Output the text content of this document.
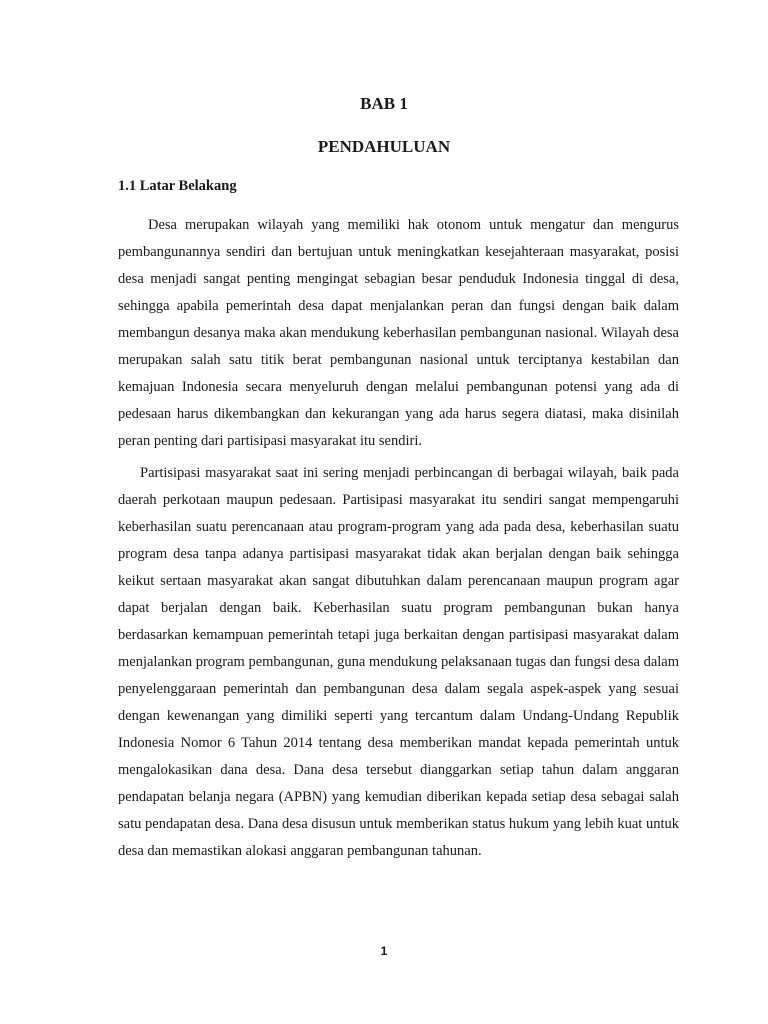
BAB 1
PENDAHULUAN
1.1 Latar Belakang

Desa merupakan wilayah yang memiliki hak otonom untuk mengatur dan mengurus pembangunannya sendiri dan bertujuan untuk meningkatkan kesejahteraan masyarakat, posisi desa menjadi sangat penting mengingat sebagian besar penduduk Indonesia tinggal di desa, sehingga apabila pemerintah desa dapat menjalankan peran dan fungsi dengan baik dalam membangun desanya maka akan mendukung keberhasilan pembangunan nasional. Wilayah desa merupakan salah satu titik berat pembangunan nasional untuk terciptanya kestabilan dan kemajuan Indonesia secara menyeluruh dengan melalui pembangunan potensi yang ada di pedesaan harus dikembangkan dan kekurangan yang ada harus segera diatasi, maka disinilah peran penting dari partisipasi masyarakat itu sendiri.

Partisipasi masyarakat saat ini sering menjadi perbincangan di berbagai wilayah, baik pada daerah perkotaan maupun pedesaan. Partisipasi masyarakat itu sendiri sangat mempengaruhi keberhasilan suatu perencanaan atau program-program yang ada pada desa, keberhasilan suatu program desa tanpa adanya partisipasi masyarakat tidak akan berjalan dengan baik sehingga keikut sertaan masyarakat akan sangat dibutuhkan dalam perencanaan maupun program agar dapat berjalan dengan baik. Keberhasilan suatu program pembangunan bukan hanya berdasarkan kemampuan pemerintah tetapi juga berkaitan dengan partisipasi masyarakat dalam menjalankan program pembangunan, guna mendukung pelaksanaan tugas dan fungsi desa dalam penyelenggaraan pemerintah dan pembangunan desa dalam segala aspek-aspek yang sesuai dengan kewenangan yang dimiliki seperti yang tercantum dalam Undang-Undang Republik Indonesia Nomor 6 Tahun 2014 tentang desa memberikan mandat kepada pemerintah untuk mengalokasikan dana desa. Dana desa tersebut dianggarkan setiap tahun dalam anggaran pendapatan belanja negara (APBN) yang kemudian diberikan kepada setiap desa sebagai salah satu pendapatan desa. Dana desa disusun untuk memberikan status hukum yang lebih kuat untuk desa dan memastikan alokasi anggaran pembangunan tahunan.

1
